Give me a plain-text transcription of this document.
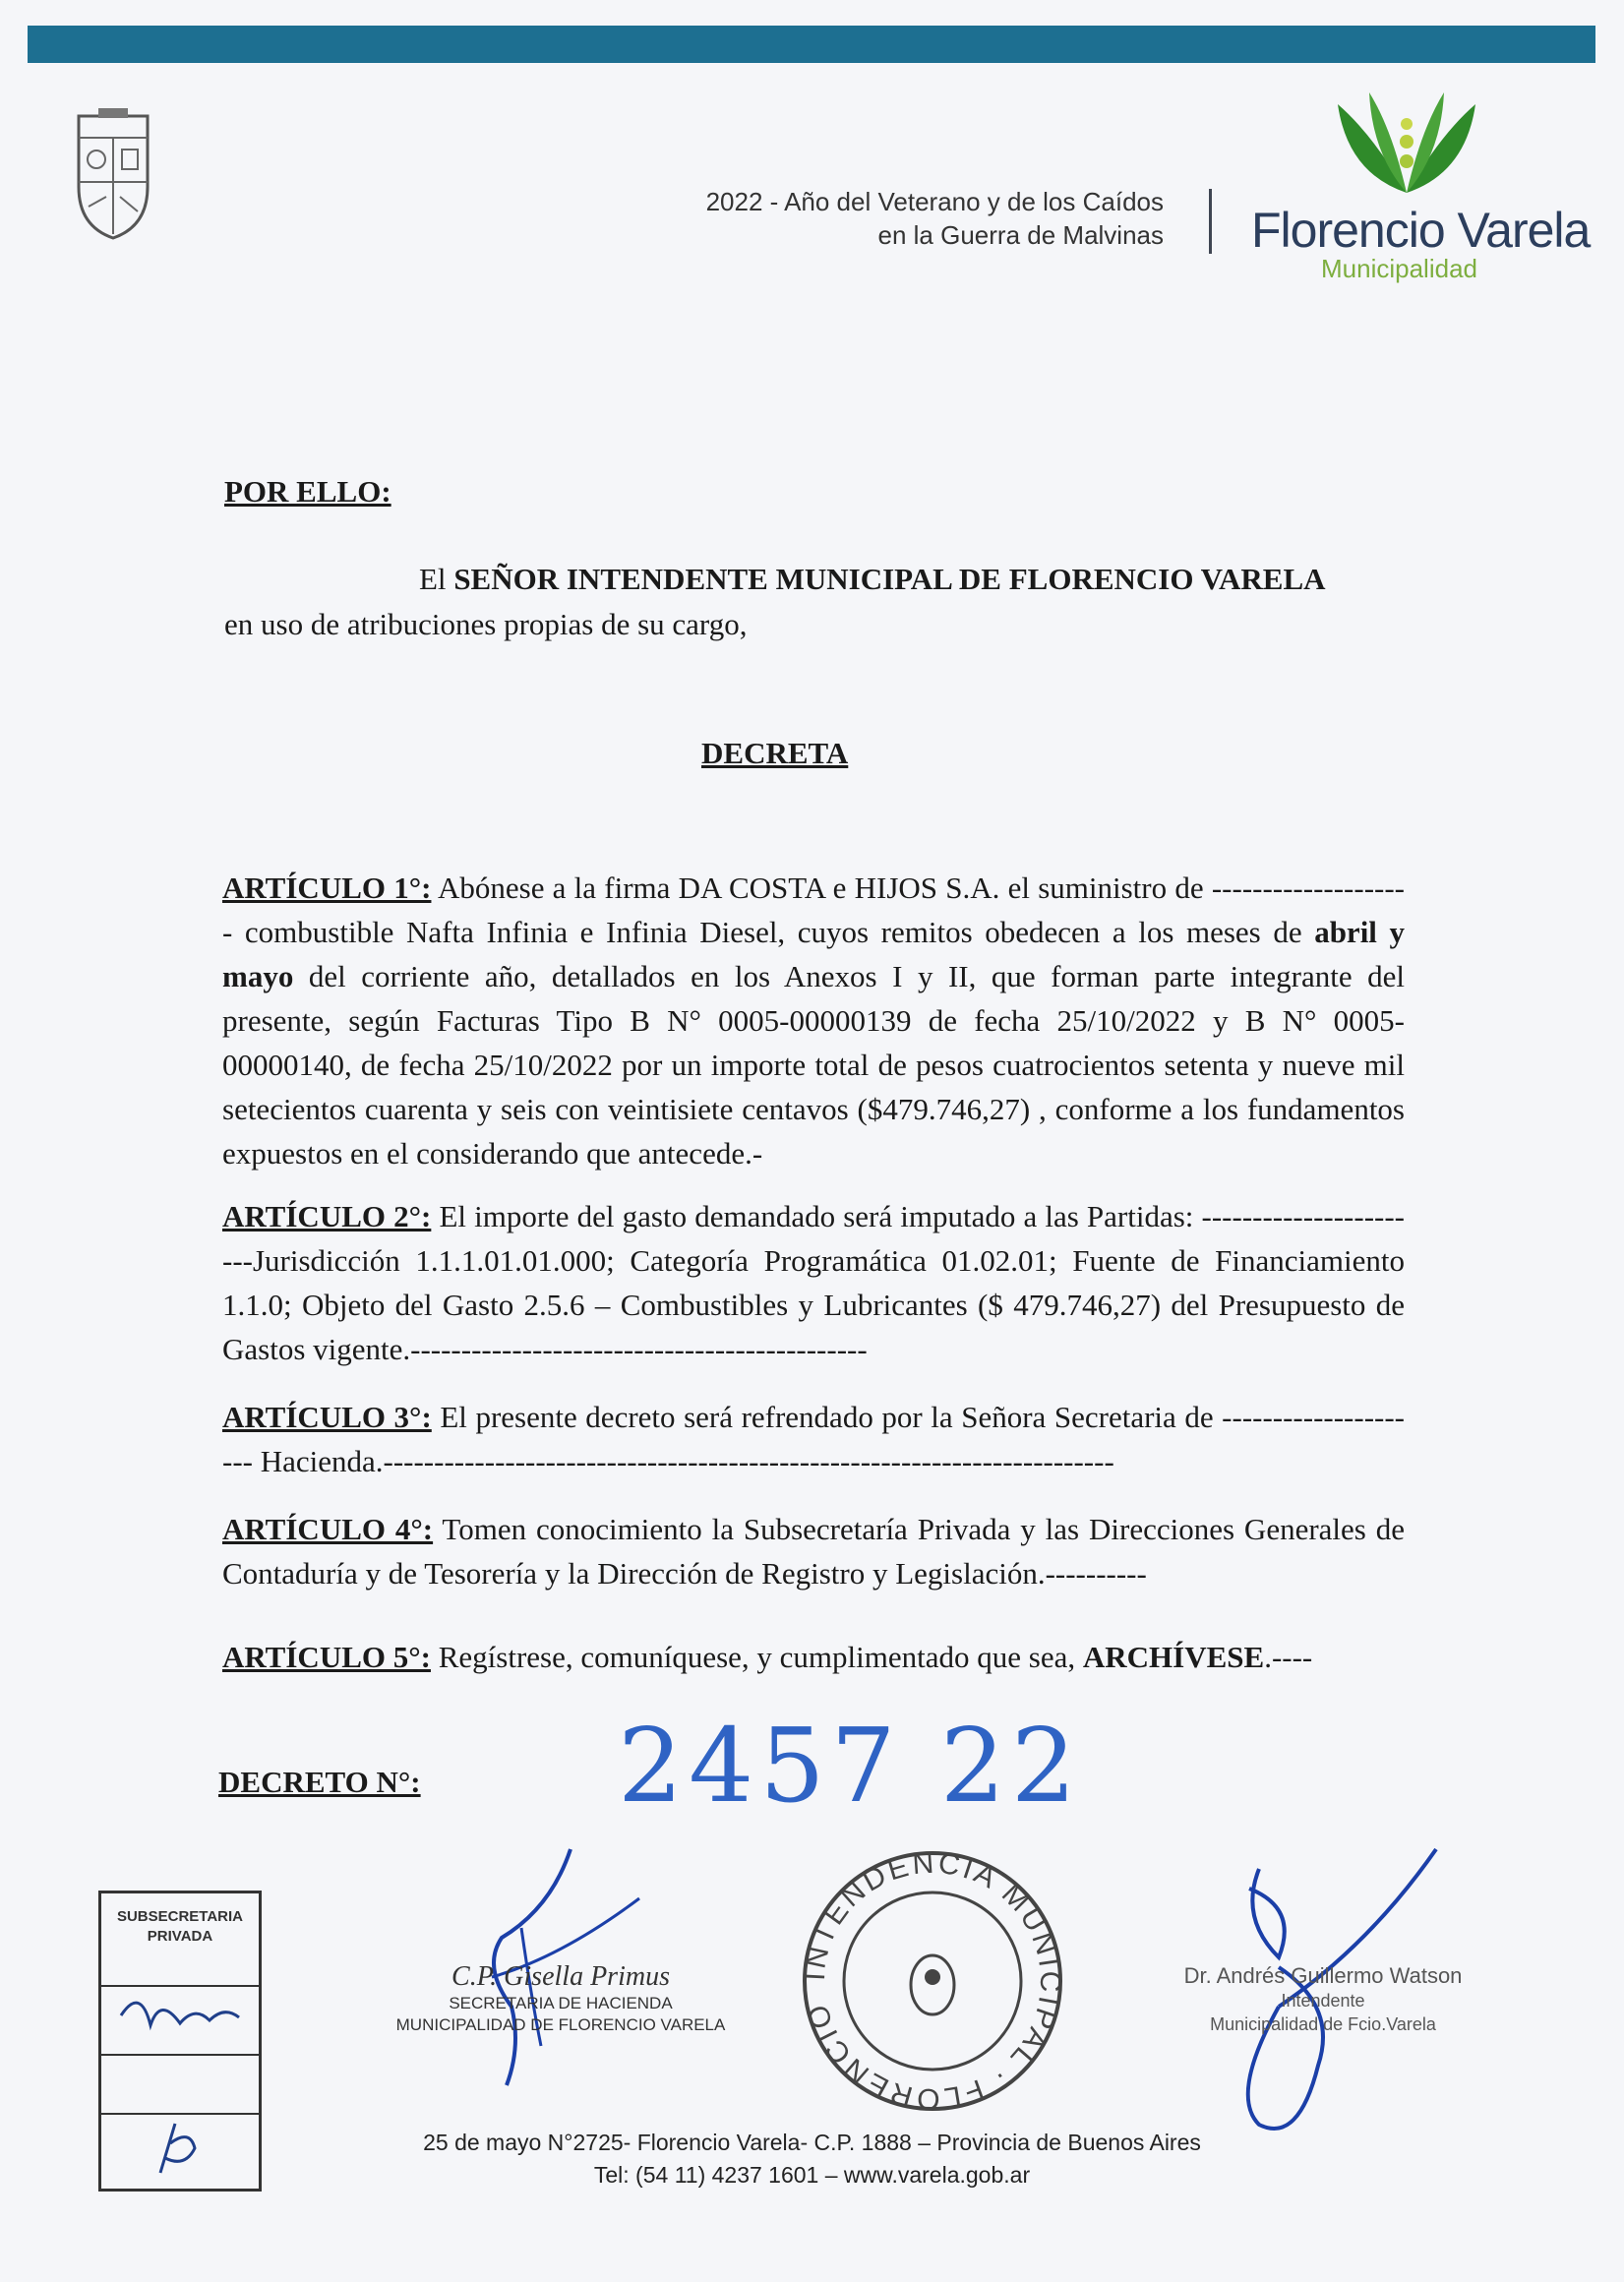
2022 - Año del Veterano y de los Caídos
en la Guerra de Malvinas Florencio Varela
Municipalidad
POR ELLO:
El SEÑOR INTENDENTE MUNICIPAL DE FLORENCIO VARELA
en uso de atribuciones propias de su cargo,
DECRETA
ARTÍCULO 1°: Abónese a la firma DA COSTA e HIJOS S.A. el suministro de -------------------- combustible Nafta Infinia e Infinia Diesel, cuyos remitos obedecen a los meses de abril y mayo del corriente año, detallados en los Anexos I y II, que forman parte integrante del presente, según Facturas Tipo B N° 0005-00000139 de fecha 25/10/2022 y B N° 0005-00000140, de fecha 25/10/2022 por un importe total de pesos cuatrocientos setenta y nueve mil setecientos cuarenta y seis con veintisiete centavos ($479.746,27) , conforme a los fundamentos expuestos en el considerando que antecede.-
ARTÍCULO 2°: El importe del gasto demandado será imputado a las Partidas: -----------------------Jurisdicción 1.1.1.01.01.000; Categoría Programática 01.02.01; Fuente de Financiamiento 1.1.0; Objeto del Gasto 2.5.6 – Combustibles y Lubricantes ($ 479.746,27) del Presupuesto de Gastos vigente.---------------------------------------------
ARTÍCULO 3°: El presente decreto será refrendado por la Señora Secretaria de --------------------- Hacienda.------------------------------------------------------------------------
ARTÍCULO 4°: Tomen conocimiento la Subsecretaría Privada y las Direcciones Generales de Contaduría y de Tesorería y la Dirección de Registro y Legislación.----------
ARTÍCULO 5°: Regístrese, comuníquese, y cumplimentado que sea, ARCHÍVESE.----
DECRETO N°: 2457 22
SUBSECRETARIA
PRIVADA
C.P. Gisella Primus
SECRETARIA DE HACIENDA
MUNICIPALIDAD DE FLORENCIO VARELA
INTENDENCIA MUNICIPAL · FLORENCIO VARELA ·
Dr. Andrés Guillermo Watson
Intendente
Municipalidad de Fcio.Varela
25 de mayo N°2725- Florencio Varela- C.P. 1888 – Provincia de Buenos Aires
Tel: (54 11) 4237 1601 – www.varela.gob.ar
